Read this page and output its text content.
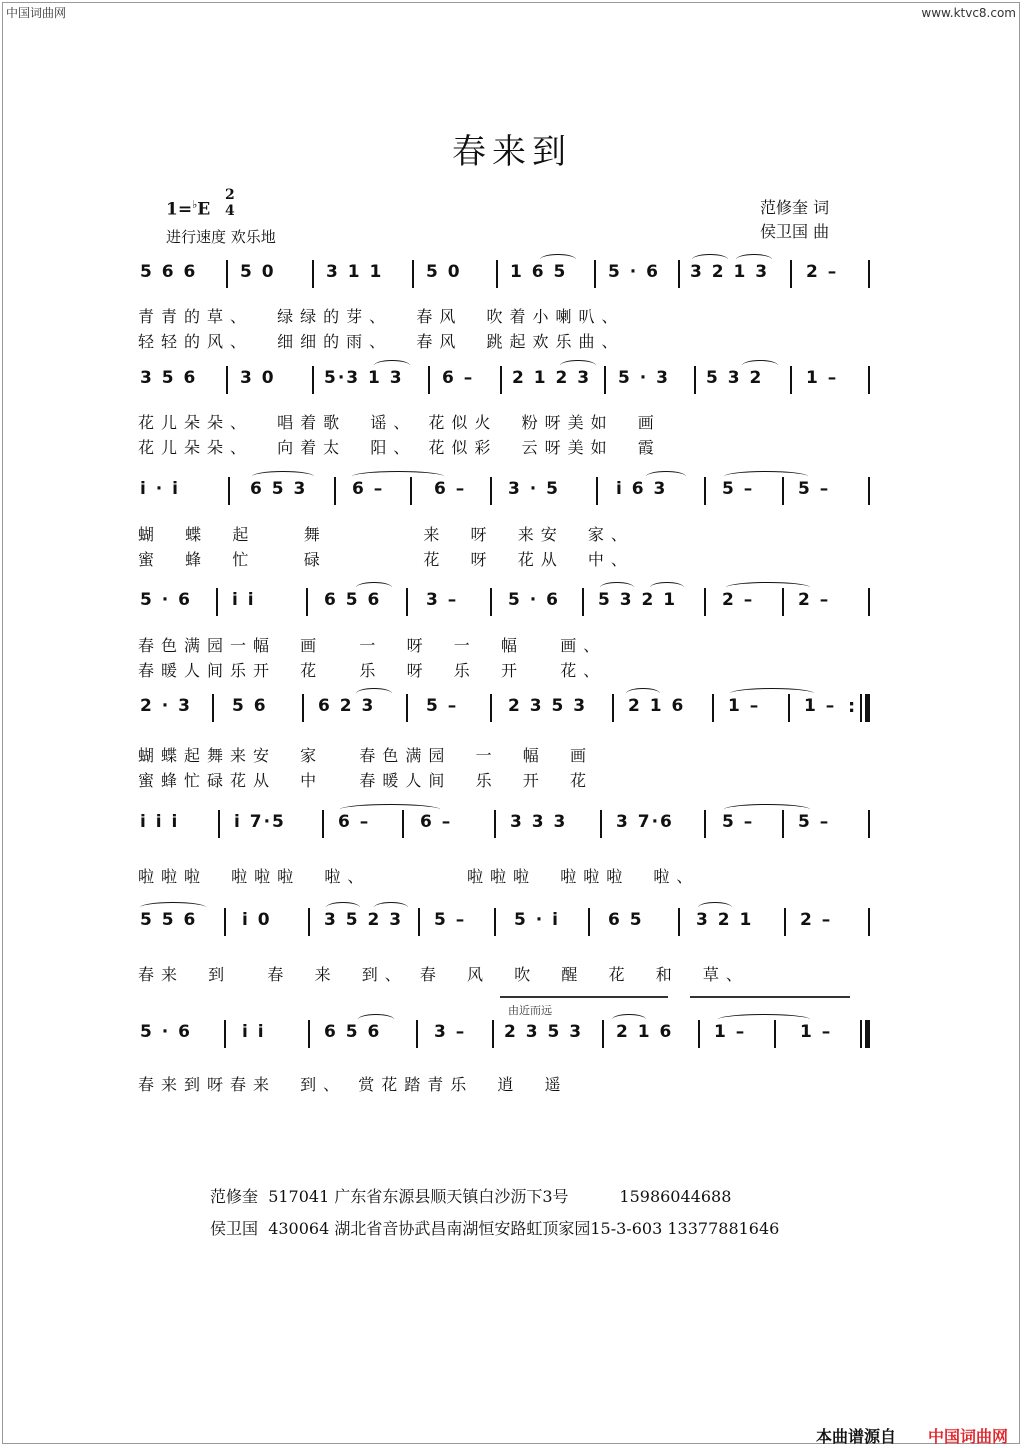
中国词曲网	www.ktvc8.com
春来到
1=♭E
2
4
进行速度 欢乐地
范修奎 词
侯卫国 曲
5 6 6	5 0	3 1 1	5 0	1 6 5 5 · 6 3 2 1 3 2 –
青青的草、  绿绿的芽、  春风  吹着小喇叭、
轻轻的风、  细细的雨、  春风  跳起欢乐曲、
3 5 6	3 0	5·3 1 3 6 – 2 1 2 3 5 · 3 5 3 2	1 –
花儿朵朵、  唱着歌  谣、 花似火  粉呀美如  画
花儿朵朵、  向着太  阳、 花似彩  云呀美如  霞
i · i	6 5 3	6 –	6 – 3 · 5	i 6 3	5 –	5 –
蝴  蝶  起    舞        来  呀  来安  家、
蜜  蜂  忙    碌        花  呀  花从  中、
5 · 6 i i	6 5 6	3 –	5 · 6 5 3 2 1	2 –	2 –
春色满园一幅  画   一  呀  一  幅   画、
春暖人间乐开  花   乐  呀  乐  开   花、
2 · 3 5 6	6 2 3	5 –	2 3 5 3 2 1 6	1 –	1 – :
蝴蝶起舞来安  家   春色满园  一  幅  画
蜜蜂忙碌花从  中   春暖人间  乐  开  花
i i i	i 7·5	6 –	6 –	3 3 3	3 7·6	5 –	5 –
啦啦啦  啦啦啦  啦、        啦啦啦  啦啦啦  啦、
5 5 6	i 0	3 5 2 3 5 –	5 · i	6 5	3 2 1	2 –
春来  到   春  来  到、 春  风  吹  醒  花  和  草、
由近而远
5 · 6	i i	6 5 6	3 – 2 3 5 3 2 1 6 1 –	1 –
春来到呀春来  到、 赏花踏青乐  逍  遥
范修奎 517041 广东省东源县顺天镇白沙沥下3号	15986044688
侯卫国 430064 湖北省音协武昌南湖恒安路虹顶家园15-3-603 13377881646
本曲谱源自 中国词曲网
